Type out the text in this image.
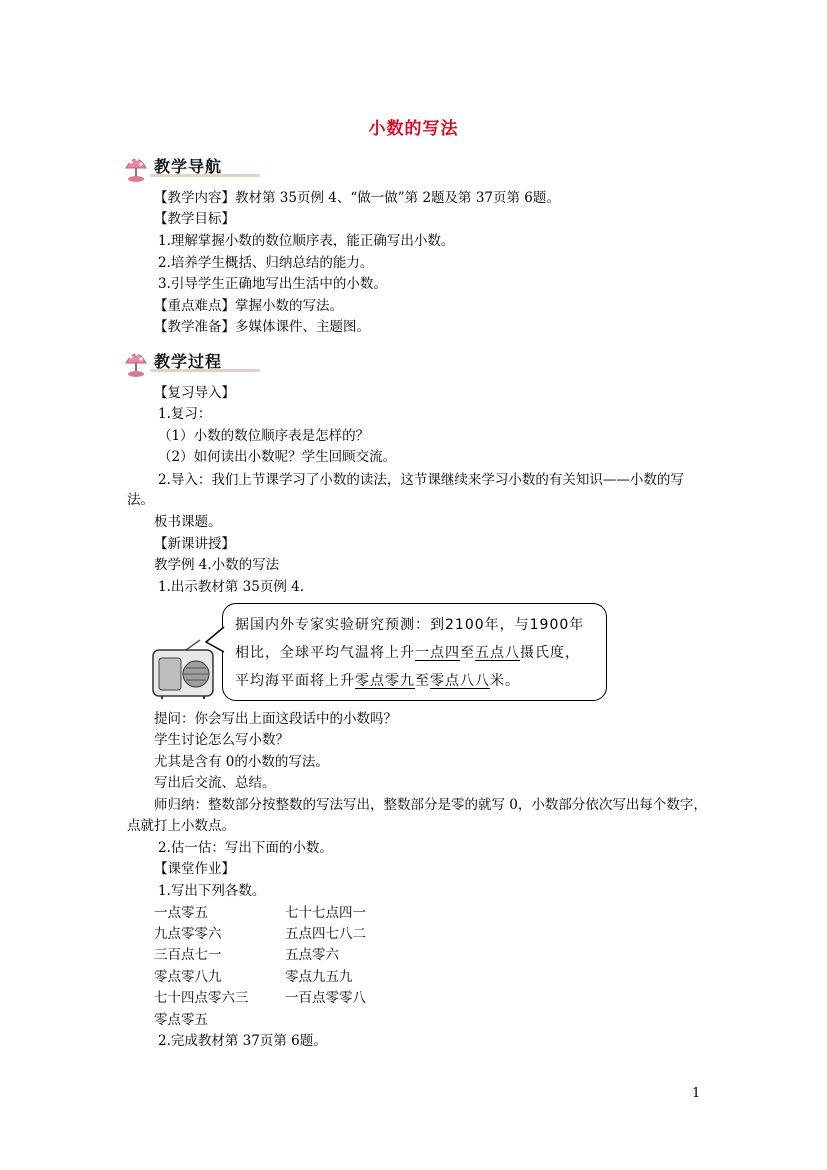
小数的写法
教学导航
【教学内容】教材第 35页例 4、“做一做”第 2题及第 37页第 6题。
【教学目标】
1.理解掌握小数的数位顺序表，能正确写出小数。
2.培养学生概括、归纳总结的能力。
3.引导学生正确地写出生活中的小数。
【重点难点】掌握小数的写法。
【教学准备】多媒体课件、主题图。
教学过程
【复习导入】
1.复习：
（1）小数的数位顺序表是怎样的？
（2）如何读出小数呢？学生回顾交流。
2.导入：我们上节课学习了小数的读法，这节课继续来学习小数的有关知识——小数的写法。
板书课题。
【新课讲授】
教学例 4.小数的写法
1.出示教材第 35页例 4.
据国内外专家实验研究预测：到2100年，与1900年
相比，全球平均气温将上升一点四至五点八摄氏度，
平均海平面将上升零点零九至零点八八米。
提问：你会写出上面这段话中的小数吗？
学生讨论怎么写小数？
尤其是含有 0的小数的写法。
写出后交流、总结。
师归纳：整数部分按整数的写法写出，整数部分是零的就写 0，小数部分依次写出每个数字，点就打上小数点。
2.估一估：写出下面的小数。
【课堂作业】
1.写出下列各数。
一点零五	七十七点四一
九点零零六	五点四七八二
三百点七一	五点零六
零点零八九	零点九五九
七十四点零六三	一百点零零八
零点零五
2.完成教材第 37页第 6题。
1
